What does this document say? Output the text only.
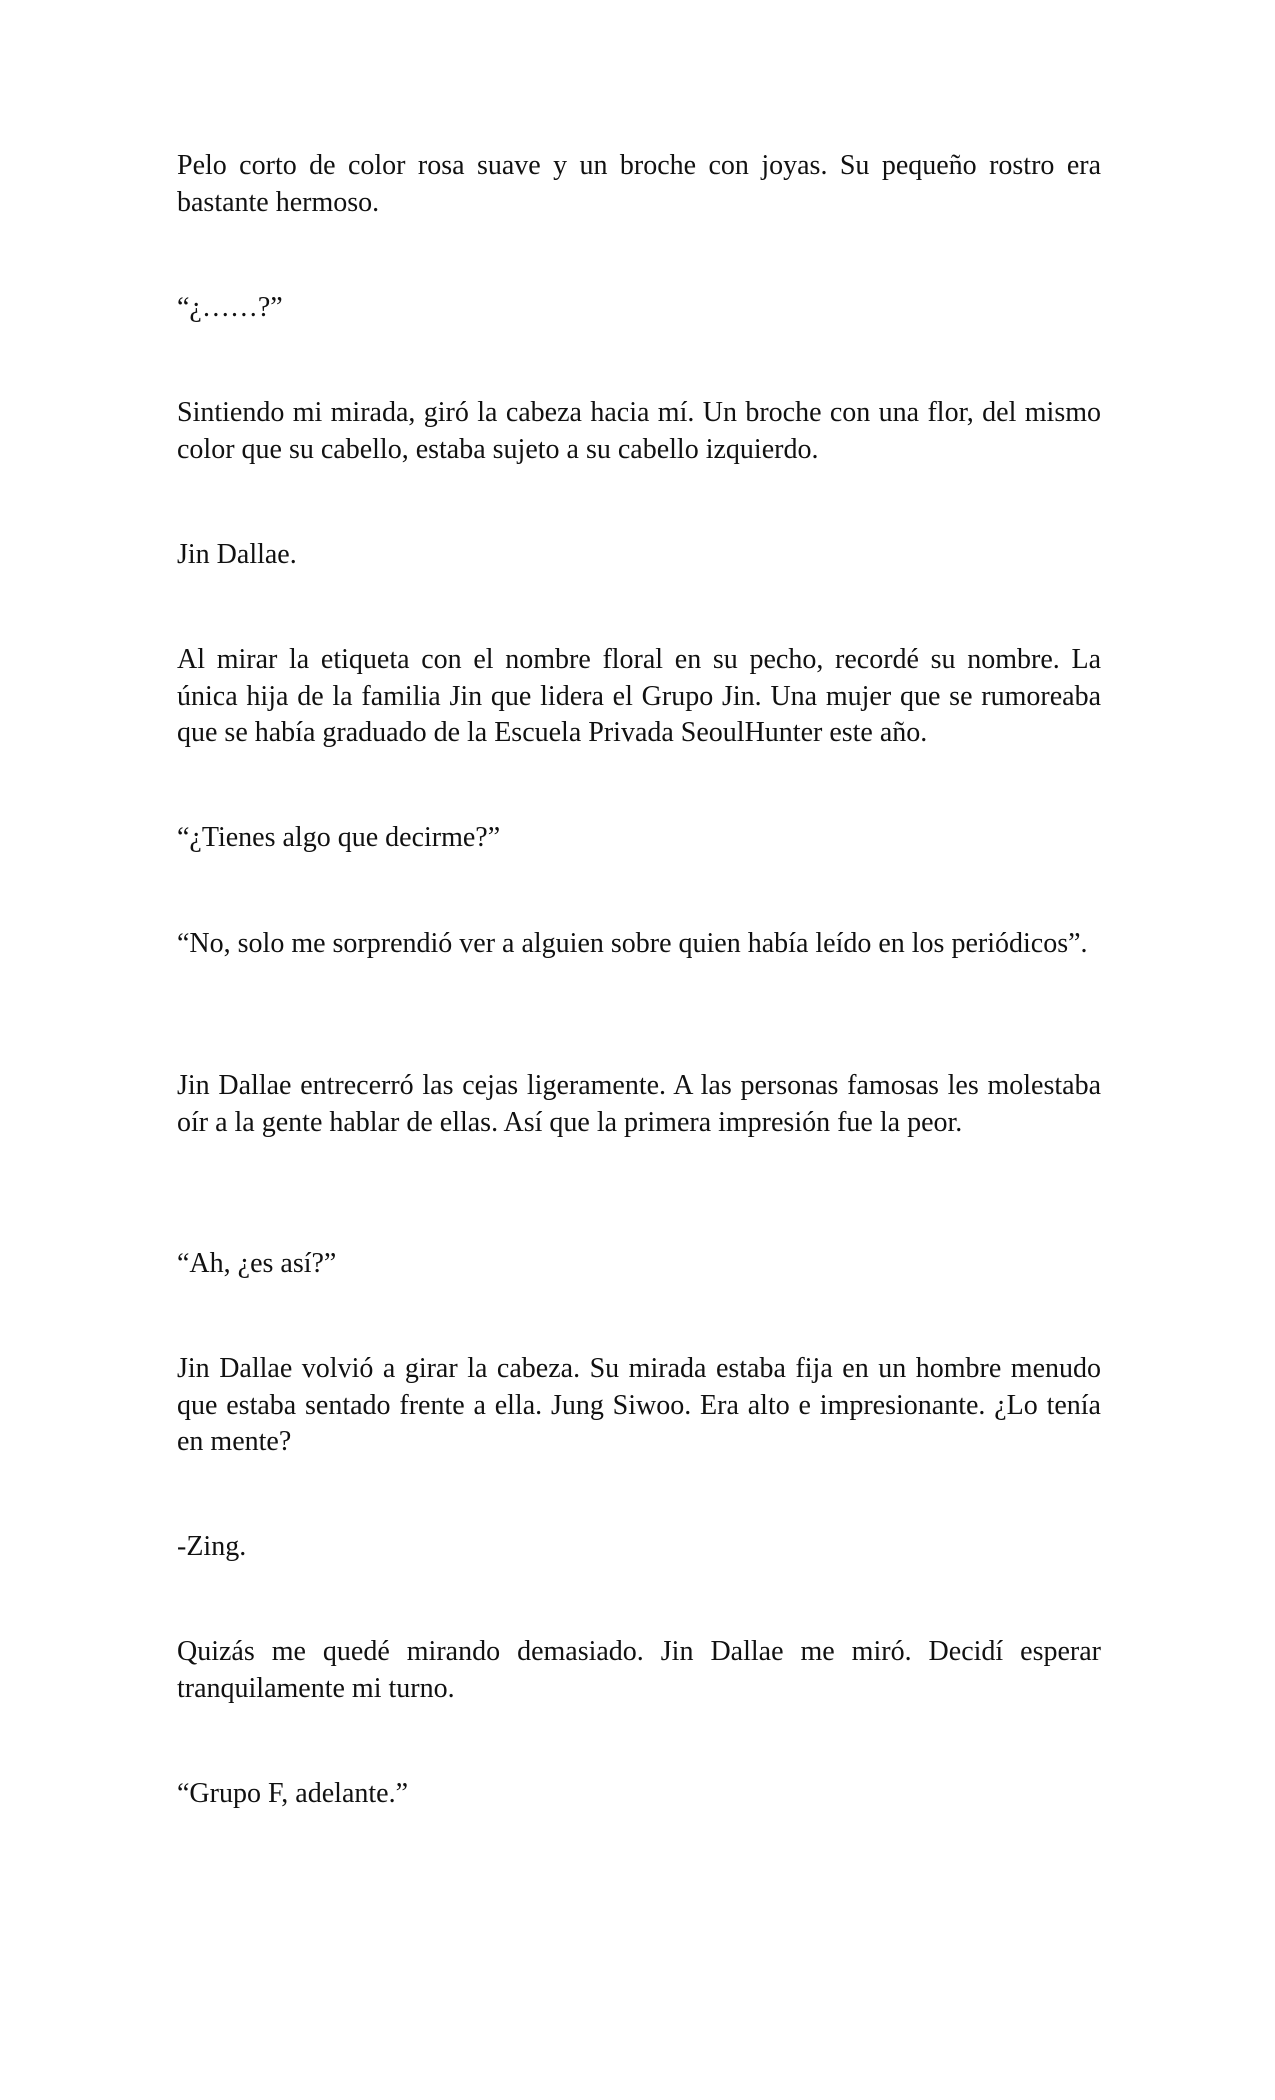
Pelo corto de color rosa suave y un broche con joyas. Su pequeño rostro era bastante hermoso.

“¿……?”

Sintiendo mi mirada, giró la cabeza hacia mí. Un broche con una flor, del mismo color que su cabello, estaba sujeto a su cabello izquierdo.

Jin Dallae.

Al mirar la etiqueta con el nombre floral en su pecho, recordé su nombre. La única hija de la familia Jin que lidera el Grupo Jin. Una mujer que se rumoreaba que se había graduado de la Escuela Privada SeoulHunter este año.

“¿Tienes algo que decirme?”

“No, solo me sorprendió ver a alguien sobre quien había leído en los periódicos”.

Jin Dallae entrecerró las cejas ligeramente. A las personas famosas les molestaba oír a la gente hablar de ellas. Así que la primera impresión fue la peor.

“Ah, ¿es así?”

Jin Dallae volvió a girar la cabeza. Su mirada estaba fija en un hombre menudo que estaba sentado frente a ella. Jung Siwoo. Era alto e impresionante. ¿Lo tenía en mente?

-Zing.

Quizás me quedé mirando demasiado. Jin Dallae me miró. Decidí esperar tranquilamente mi turno.

“Grupo F, adelante.”
